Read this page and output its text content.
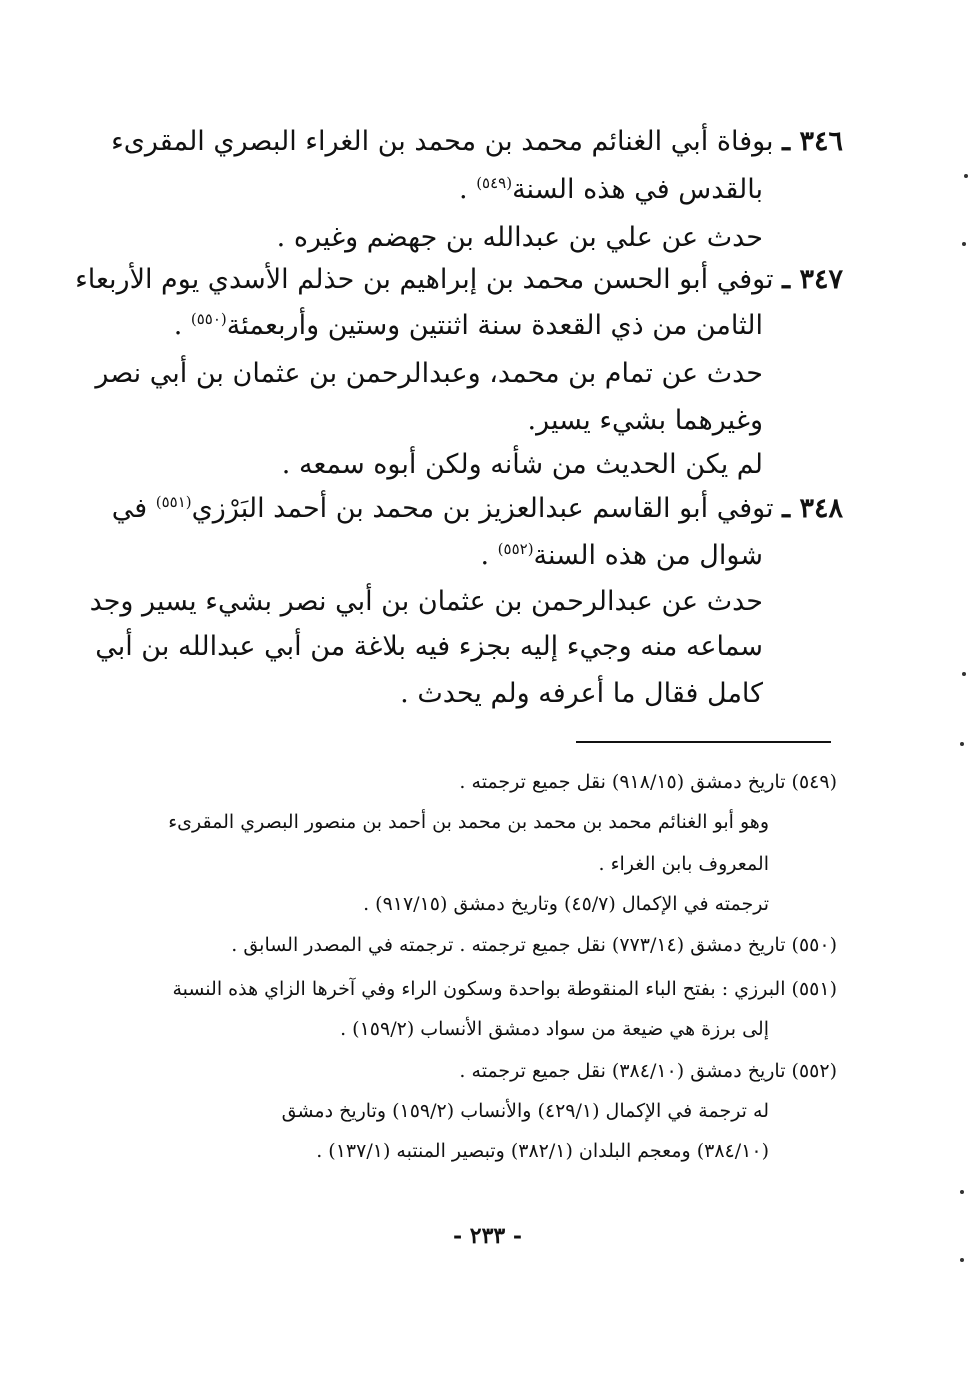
٣٤٦ ـ بوفاة أبي الغنائم محمد بن محمد بن الغراء البصري المقرىء
بالقدس في هذه السنة$^{(٥٤٩)}$ .
حدث عن علي بن عبدالله بن جهضم وغيره .
٣٤٧ ـ توفي أبو الحسن محمد بن إبراهيم بن حذلم الأسدي يوم الأربعاء
الثامن من ذي القعدة سنة اثنتين وستين وأربعمئة$^{(٥٥٠)}$ .
حدث عن تمام بن محمد، وعبدالرحمن بن عثمان بن أبي نصر
وغيرهما بشيء يسير.
لم يكن الحديث من شأنه ولكن أبوه سمعه .
٣٤٨ ـ توفي أبو القاسم عبدالعزيز بن محمد بن أحمد البَرْزي$^{(٥٥١)}$ في
شوال من هذه السنة$^{(٥٥٢)}$ .
حدث عن عبدالرحمن بن عثمان بن أبي نصر بشيء يسير وجد
سماعه منه وجيء إليه بجزء فيه بلاغة من أبي عبدالله بن أبي
كامل فقال ما أعرفه ولم يحدث .
(٥٤٩) تاريخ دمشق (٩١٨/١٥) نقل جميع ترجمته .
وهو أبو الغنائم محمد بن محمد بن محمد بن أحمد بن منصور البصري المقرىء
المعروف بابن الغراء .
ترجمته في الإكمال (٤٥/٧) وتاريخ دمشق (٩١٧/١٥) .
(٥٥٠) تاريخ دمشق (٧٧٣/١٤) نقل جميع ترجمته . ترجمته في المصدر السابق .
(٥٥١) البرزي : بفتح الباء المنقوطة بواحدة وسكون الراء وفي آخرها الزاي هذه النسبة
إلى برزة هي ضيعة من سواد دمشق الأنساب (١٥٩/٢) .
(٥٥٢) تاريخ دمشق (٣٨٤/١٠) نقل جميع ترجمته .
له ترجمة في الإكمال (٤٢٩/١) والأنساب (١٥٩/٢) وتاريخ دمشق
(٣٨٤/١٠) ومعجم البلدان (٣٨٢/١) وتبصير المنتبه (١٣٧/١) .
- ٢٣٣ -
